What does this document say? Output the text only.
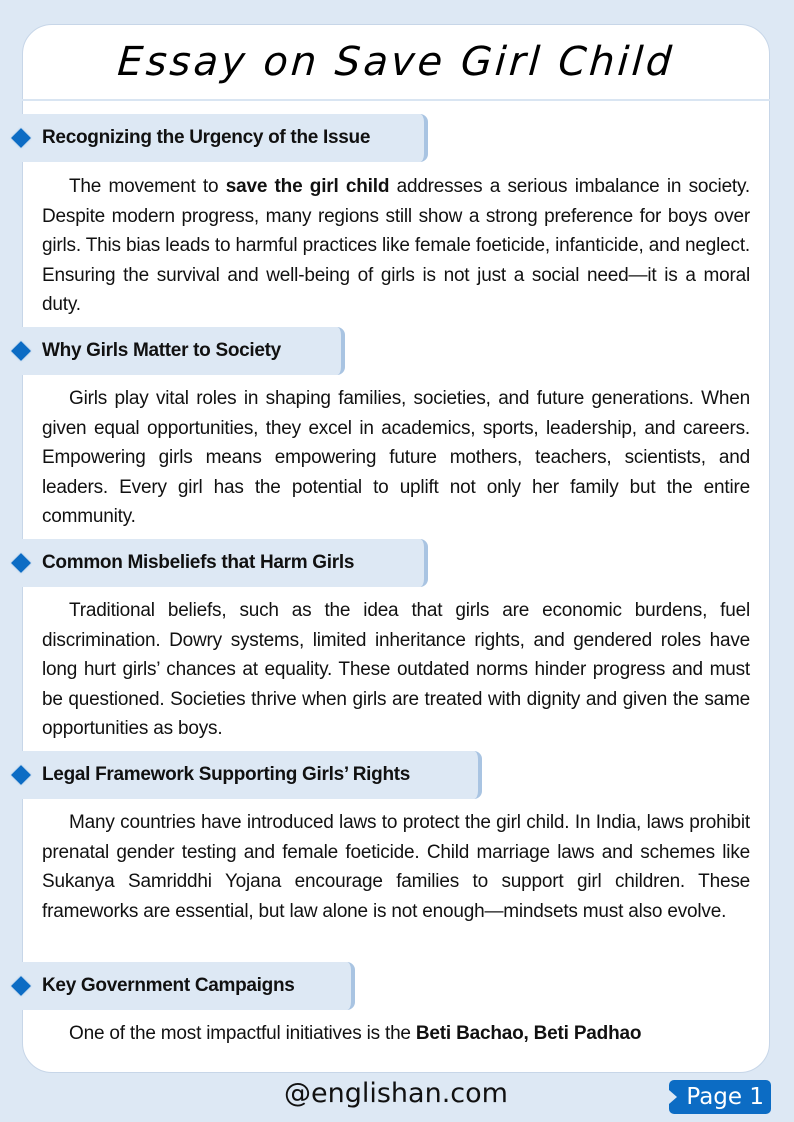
Essay on Save Girl Child
Recognizing the Urgency of the Issue

The movement to save the girl child addresses a serious imbalance in society. Despite modern progress, many regions still show a strong preference for boys over girls. This bias leads to harmful practices like female foeticide, infanticide, and neglect. Ensuring the survival and well-being of girls is not just a social need—it is a moral duty.

Why Girls Matter to Society

Girls play vital roles in shaping families, societies, and future generations. When given equal opportunities, they excel in academics, sports, leadership, and careers. Empowering girls means empowering future mothers, teachers, scientists, and leaders. Every girl has the potential to uplift not only her family but the entire community.

Common Misbeliefs that Harm Girls

Traditional beliefs, such as the idea that girls are economic burdens, fuel discrimination. Dowry systems, limited inheritance rights, and gendered roles have long hurt girls’ chances at equality. These outdated norms hinder progress and must be questioned. Societies thrive when girls are treated with dignity and given the same opportunities as boys.

Legal Framework Supporting Girls’ Rights

Many countries have introduced laws to protect the girl child. In India, laws prohibit prenatal gender testing and female foeticide. Child marriage laws and schemes like Sukanya Samriddhi Yojana encourage families to support girl children. These frameworks are essential, but law alone is not enough—mindsets must also evolve.

Key Government Campaigns

One of the most impactful initiatives is the Beti Bachao, Beti Padhao

@englishan.com	Page 1
